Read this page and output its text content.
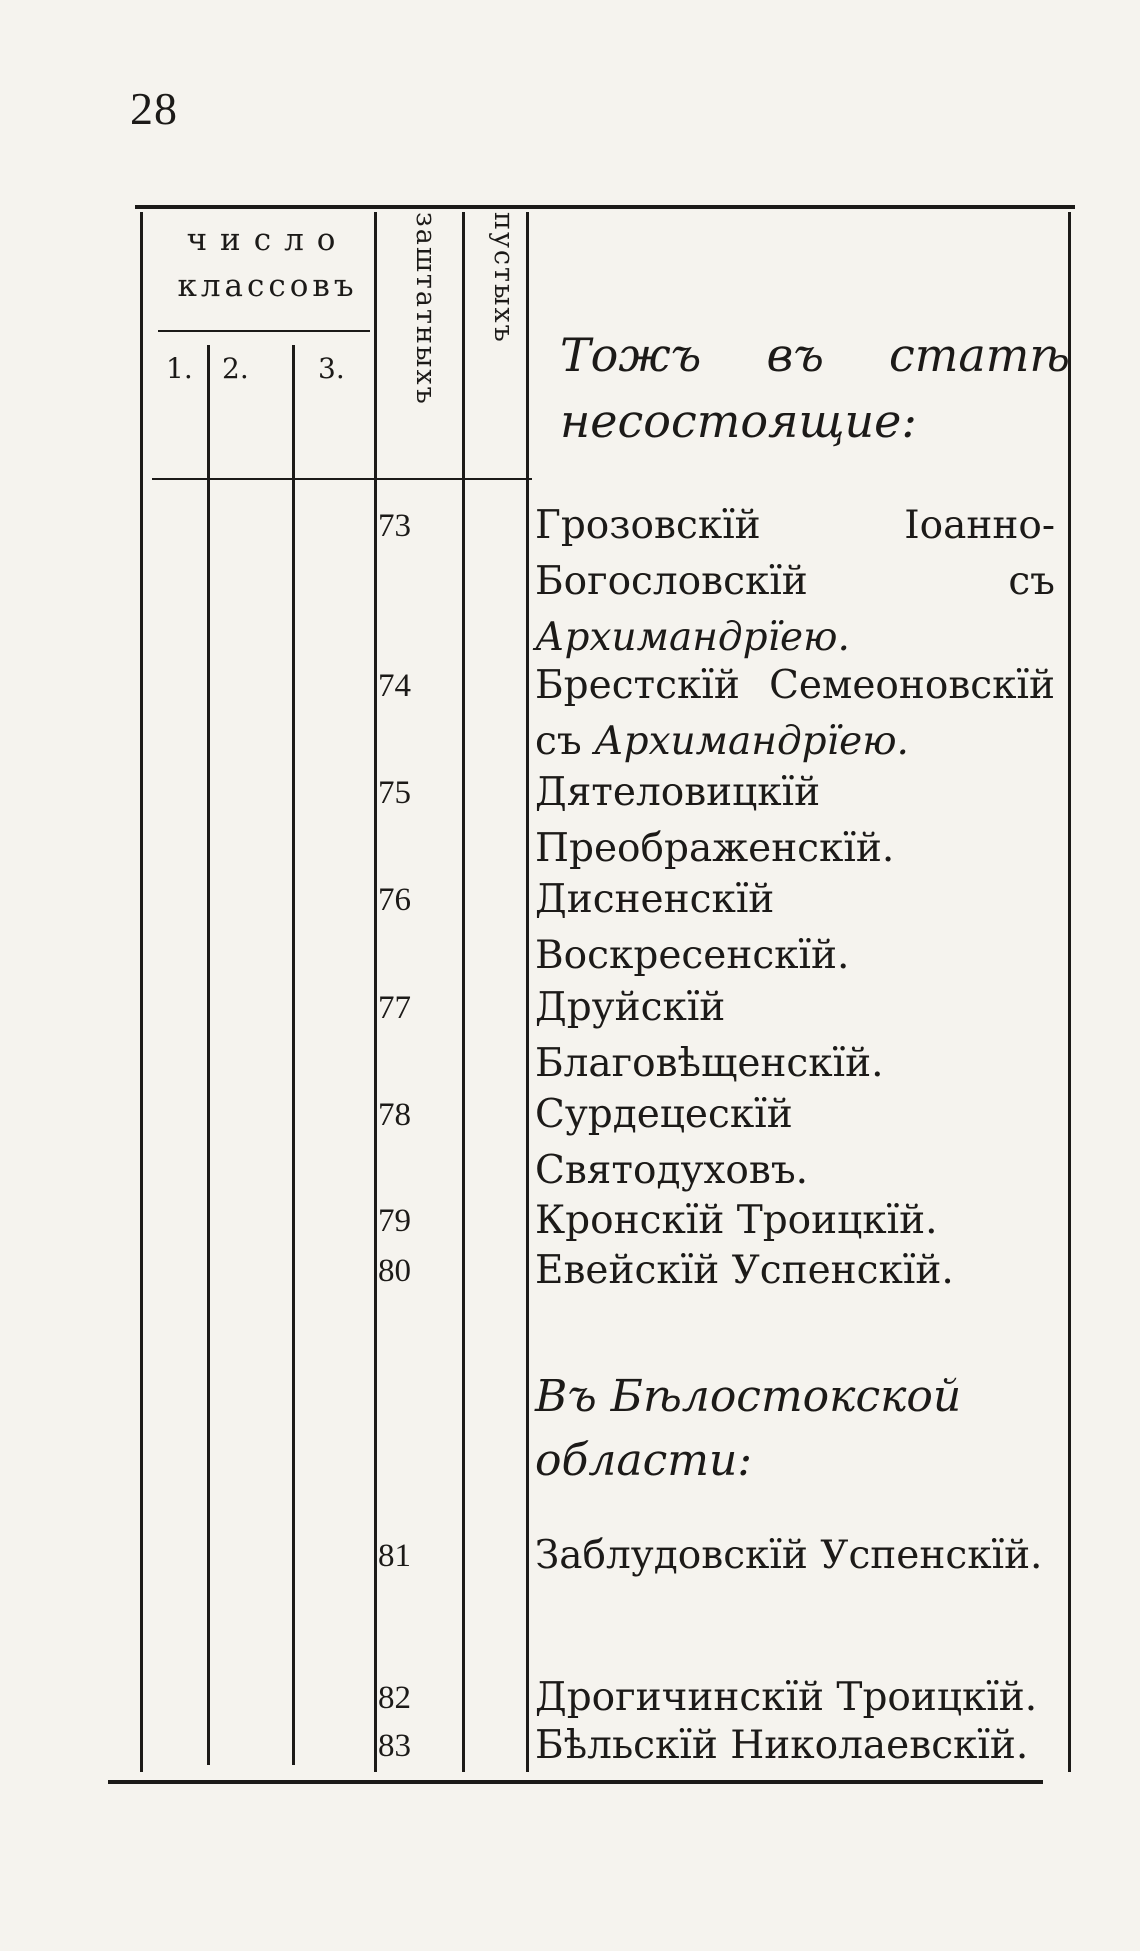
28
число
классовъ
1. 2. 3. заштатныхъ пустыхъ
Тожъ въ статѣ несостоящие:
73	Грозовскїй Іоанно-Богословскїй съ Архимандрїею.
74	Брестскїй Семеоновскїй съ Архимандрїею.
75	Дятеловицкїй Преображенскїй.
76	Дисненскїй Воскресенскїй.
77	Друйскїй Благовѣщенскїй.
78	Сурдецескїй Святодуховъ.
79	Кронскїй Троицкїй.
80	Евейскїй Успенскїй.
Въ Бѣлостокской области:
81	Заблудовскїй Успенскїй.
82	Дрогичинскїй Троицкїй.
83	Бѣльскїй Николаевскїй.
